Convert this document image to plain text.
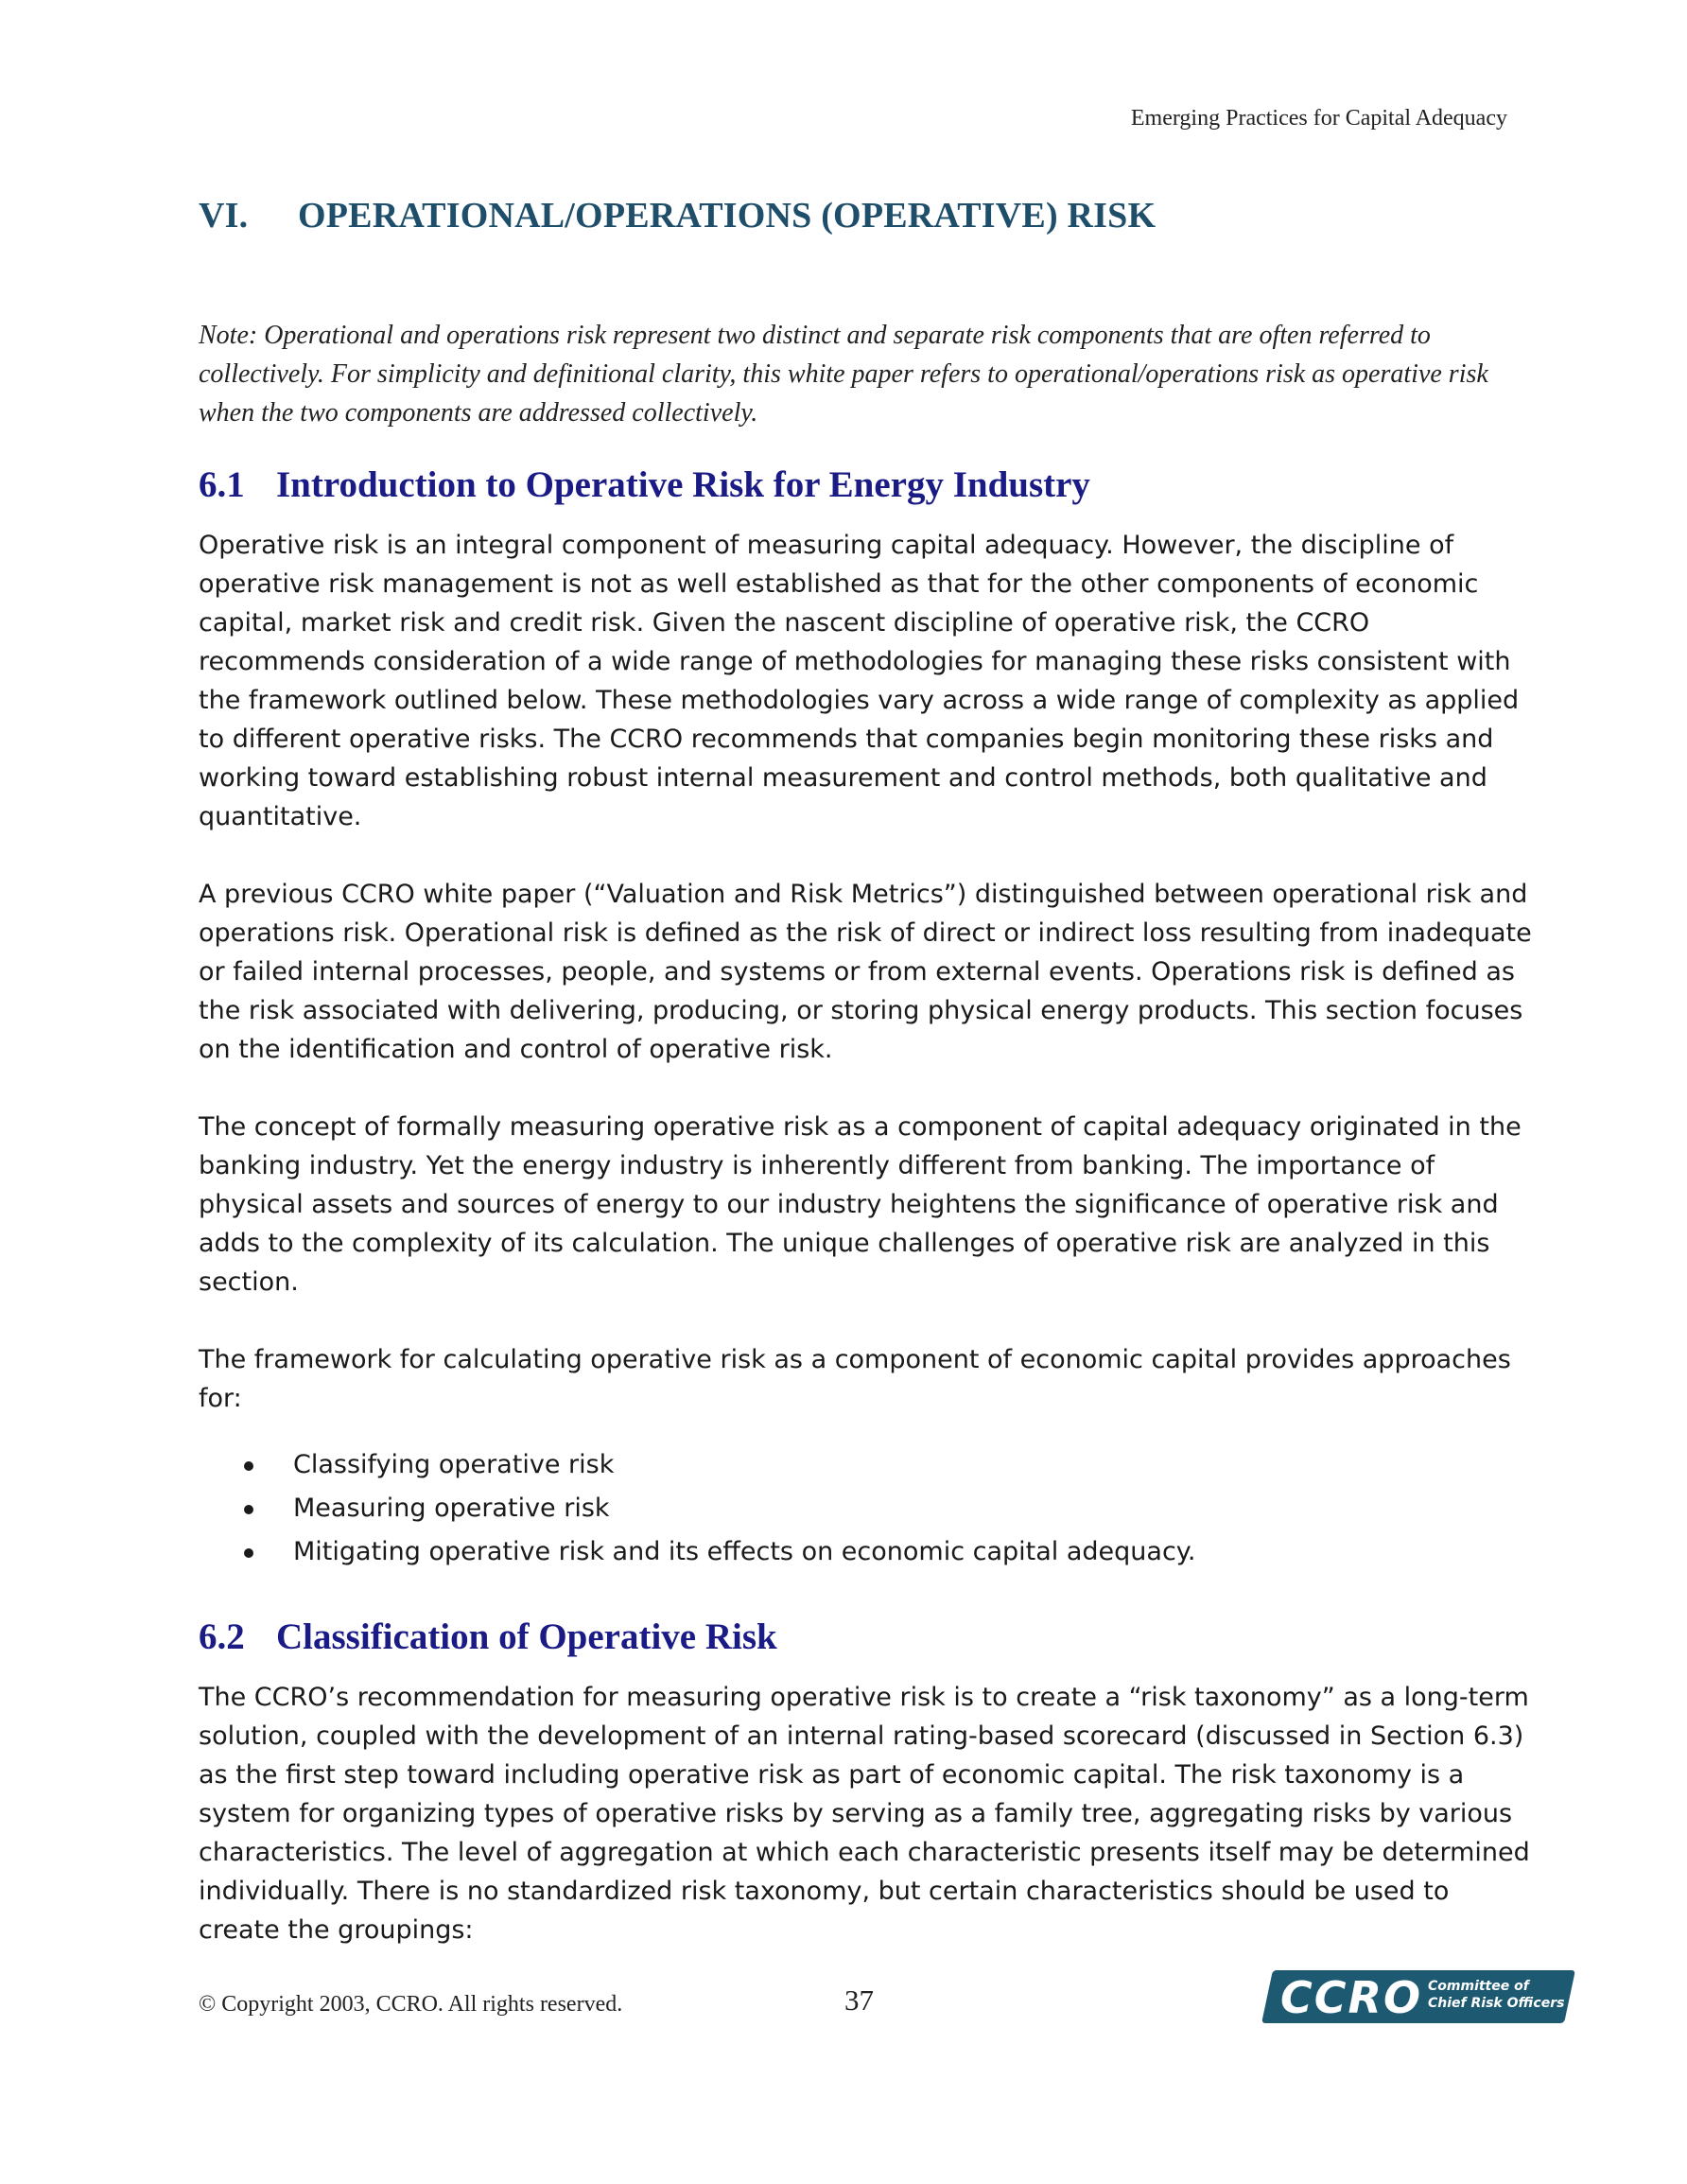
Emerging Practices for Capital Adequacy
VI. OPERATIONAL/OPERATIONS (OPERATIVE) RISK

Note: Operational and operations risk represent two distinct and separate risk components that are often referred to collectively. For simplicity and definitional clarity, this white paper refers to operational/operations risk as operative risk when the two components are addressed collectively.

6.1 Introduction to Operative Risk for Energy Industry

Operative risk is an integral component of measuring capital adequacy. However, the discipline of operative risk management is not as well established as that for the other components of economic capital, market risk and credit risk. Given the nascent discipline of operative risk, the CCRO recommends consideration of a wide range of methodologies for managing these risks consistent with the framework outlined below. These methodologies vary across a wide range of complexity as applied to different operative risks. The CCRO recommends that companies begin monitoring these risks and working toward establishing robust internal measurement and control methods, both qualitative and quantitative.

A previous CCRO white paper (“Valuation and Risk Metrics”) distinguished between operational risk and operations risk. Operational risk is defined as the risk of direct or indirect loss resulting from inadequate or failed internal processes, people, and systems or from external events. Operations risk is defined as the risk associated with delivering, producing, or storing physical energy products. This section focuses on the identification and control of operative risk.

The concept of formally measuring operative risk as a component of capital adequacy originated in the banking industry. Yet the energy industry is inherently different from banking. The importance of physical assets and sources of energy to our industry heightens the significance of operative risk and adds to the complexity of its calculation. The unique challenges of operative risk are analyzed in this section.

The framework for calculating operative risk as a component of economic capital provides approaches for:

Classifying operative risk
Measuring operative risk
Mitigating operative risk and its effects on economic capital adequacy.
6.2 Classification of Operative Risk

The CCRO’s recommendation for measuring operative risk is to create a “risk taxonomy” as a long-term solution, coupled with the development of an internal rating-based scorecard (discussed in Section 6.3) as the first step toward including operative risk as part of economic capital. The risk taxonomy is a system for organizing types of operative risks by serving as a family tree, aggregating risks by various characteristics. The level of aggregation at which each characteristic presents itself may be determined individually. There is no standardized risk taxonomy, but certain characteristics should be used to create the groupings:

© Copyright 2003, CCRO. All rights reserved.	37	CCRO Committee of
Chief Risk Officers
